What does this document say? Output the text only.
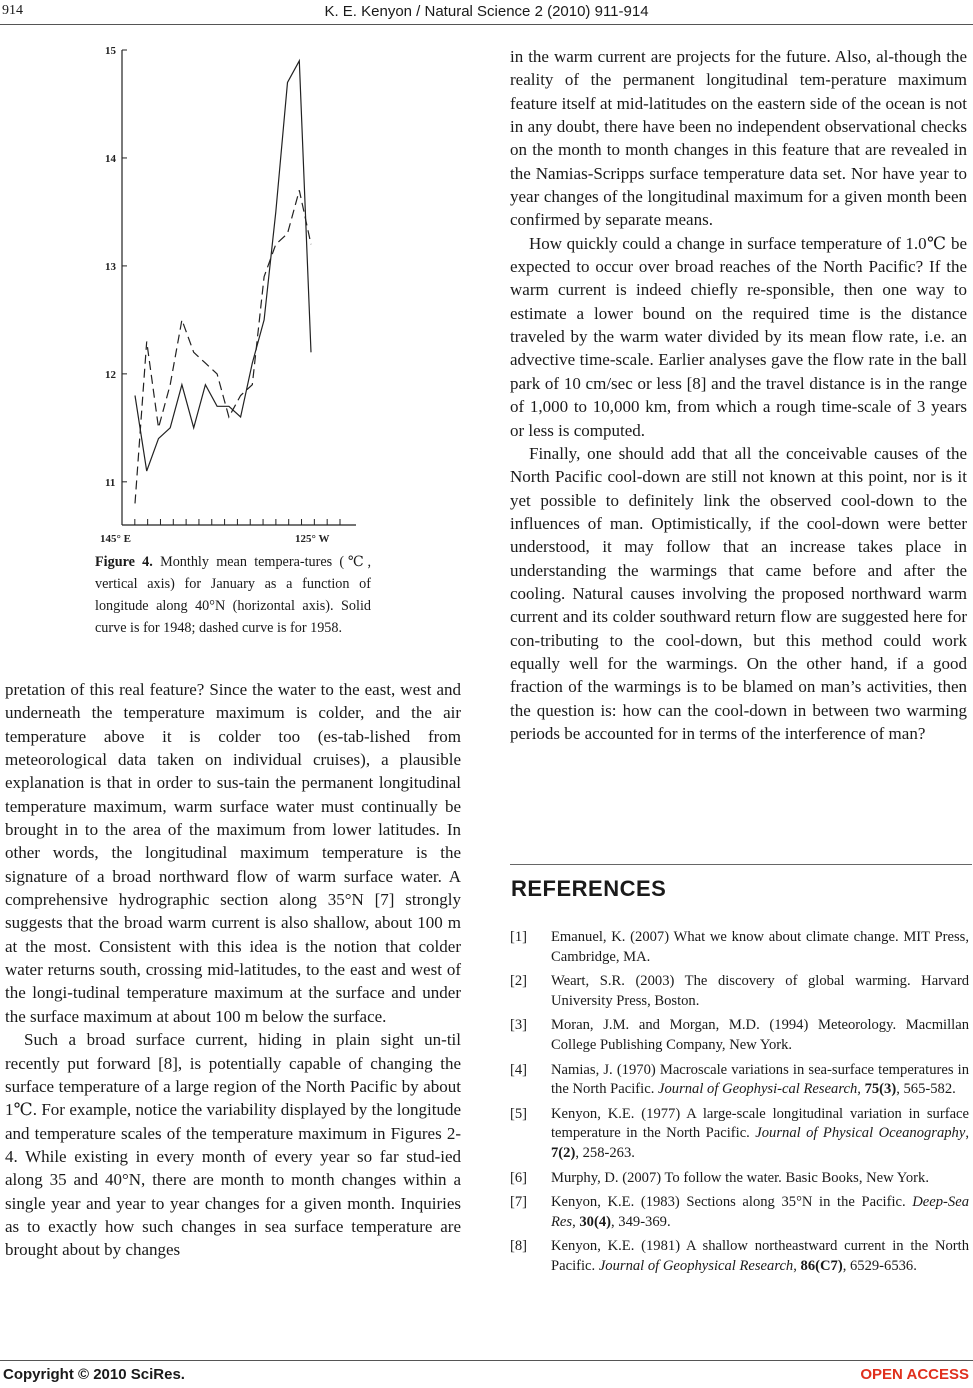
914	K. E. Kenyon / Natural Science 2 (2010) 911-914
15
14
13
12
11
145° E	125° W
Figure 4. Monthly mean tempera-tures (℃, vertical axis) for January as a function of longitude along 40°N (horizontal axis). Solid curve is for 1948; dashed curve is for 1958.

pretation of this real feature? Since the water to the east, west and underneath the temperature maximum is colder, and the air temperature above it is colder too (es-tab-lished from meteorological data taken on individual cruises), a plausible explanation is that in order to sus-tain the permanent longitudinal temperature maximum, warm surface water must continually be brought in to the area of the maximum from lower latitudes. In other words, the longitudinal maximum temperature is the signature of a broad northward flow of warm surface water. A comprehensive hydrographic section along 35°N [7] strongly suggests that the broad warm current is also shallow, about 100 m at the most. Consistent with this idea is the notion that colder water returns south, crossing mid-latitudes, to the east and west of the longi-tudinal temperature maximum at the surface and under the surface maximum at about 100 m below the surface.

Such a broad surface current, hiding in plain sight un-til recently put forward [8], is potentially capable of changing the surface temperature of a large region of the North Pacific by about 1℃. For example, notice the variability displayed by the longitude and temperature scales of the temperature maximum in Figures 2-4. While existing in every month of every year so far stud-ied along 35 and 40°N, there are month to month changes within a single year and year to year changes for a given month. Inquiries as to exactly how such changes in sea surface temperature are brought about by changes

in the warm current are projects for the future. Also, al-though the reality of the permanent longitudinal tem-perature maximum feature itself at mid-latitudes on the eastern side of the ocean is not in any doubt, there have been no independent observational checks on the month to month changes in this feature that are revealed in the Namias-Scripps surface temperature data set. Nor have year to year changes of the longitudinal maximum for a given month been confirmed by separate means.

How quickly could a change in surface temperature of 1.0℃ be expected to occur over broad reaches of the North Pacific? If the warm current is indeed chiefly re-sponsible, then one way to estimate a lower bound on the required time is the distance traveled by the warm water divided by its mean flow rate, i.e. an advective time-scale. Earlier analyses gave the flow rate in the ball park of 10 cm/sec or less [8] and the travel distance is in the range of 1,000 to 10,000 km, from which a rough time-scale of 3 years or less is computed.

Finally, one should add that all the conceivable causes of the North Pacific cool-down are still not known at this point, nor is it yet possible to definitely link the observed cool-down to the influences of man. Optimistically, if the cool-down were better understood, it may follow that an increase takes place in understanding the warmings that came before and after the cooling. Natural causes involving the proposed northward warm current and its colder southward return flow are suggested here for con-tributing to the cool-down, but this method could work equally well for the warmings. On the other hand, if a good fraction of the warmings is to be blamed on man’s activities, then the question is: how can the cool-down in between two warming periods be accounted for in terms of the interference of man?

REFERENCES
[1]	Emanuel, K. (2007) What we know about climate change. MIT Press, Cambridge, MA.
[2]	Weart, S.R. (2003) The discovery of global warming. Harvard University Press, Boston.
[3]	Moran, J.M. and Morgan, M.D. (1994) Meteorology. Macmillan College Publishing Company, New York.
[4]	Namias, J. (1970) Macroscale variations in sea-surface temperatures in the North Pacific. Journal of Geophysi-cal Research, 75(3), 565-582.
[5]	Kenyon, K.E. (1977) A large-scale longitudinal variation in surface temperature in the North Pacific. Journal of Physical Oceanography, 7(2), 258-263.
[6]	Murphy, D. (2007) To follow the water. Basic Books, New York.
[7]	Kenyon, K.E. (1983) Sections along 35°N in the Pacific. Deep-Sea Res, 30(4), 349-369.
[8]	Kenyon, K.E. (1981) A shallow northeastward current in the North Pacific. Journal of Geophysical Research, 86(C7), 6529-6536.
Copyright © 2010 SciRes.	OPEN ACCESS
